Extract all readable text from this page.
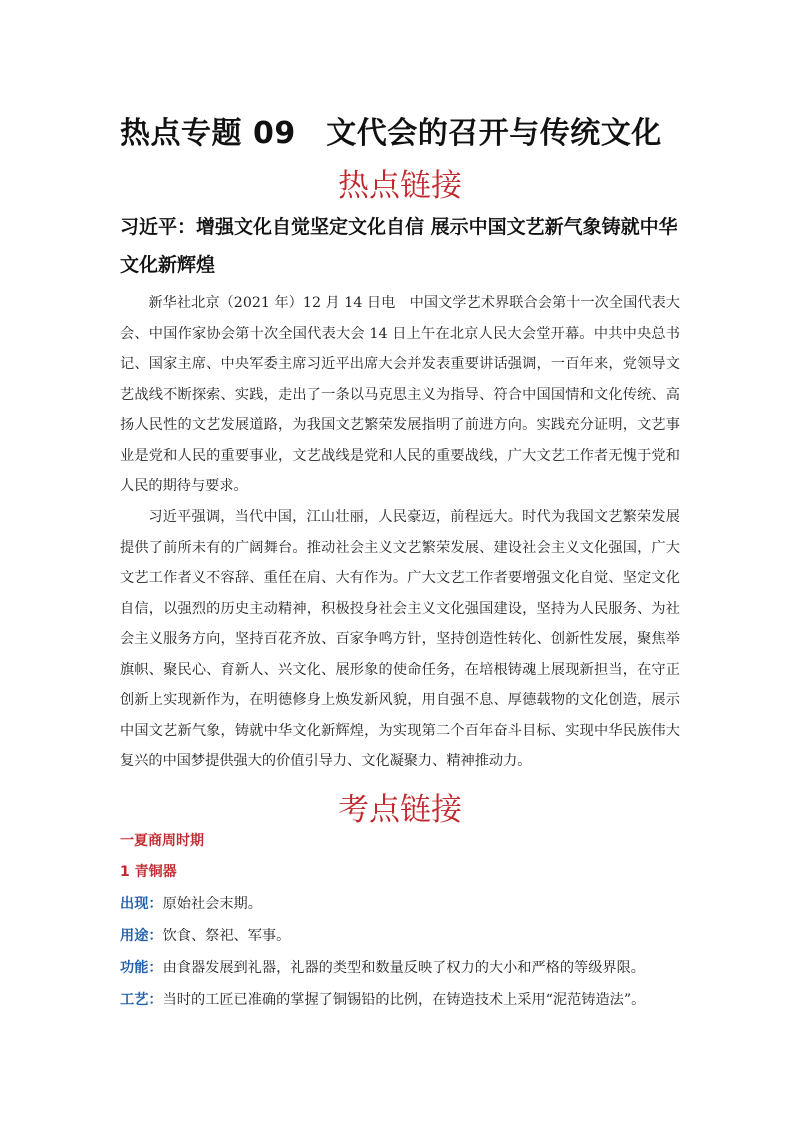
热点专题 09　文代会的召开与传统文化
热点链接
习近平：增强文化自觉坚定文化自信 展示中国文艺新气象铸就中华文化新辉煌
新华社北京（2021 年）12 月 14 日电　中国文学艺术界联合会第十一次全国代表大会、中国作家协会第十次全国代表大会 14 日上午在北京人民大会堂开幕。中共中央总书记、国家主席、中央军委主席习近平出席大会并发表重要讲话强调，一百年来，党领导文艺战线不断探索、实践，走出了一条以马克思主义为指导、符合中国国情和文化传统、高扬人民性的文艺发展道路，为我国文艺繁荣发展指明了前进方向。实践充分证明，文艺事业是党和人民的重要事业，文艺战线是党和人民的重要战线，广大文艺工作者无愧于党和人民的期待与要求。
习近平强调，当代中国，江山壮丽，人民豪迈，前程远大。时代为我国文艺繁荣发展提供了前所未有的广阔舞台。推动社会主义文艺繁荣发展、建设社会主义文化强国，广大文艺工作者义不容辞、重任在肩、大有作为。广大文艺工作者要增强文化自觉、坚定文化自信，以强烈的历史主动精神，积极投身社会主义文化强国建设，坚持为人民服务、为社会主义服务方向，坚持百花齐放、百家争鸣方针，坚持创造性转化、创新性发展，聚焦举旗帜、聚民心、育新人、兴文化、展形象的使命任务，在培根铸魂上展现新担当，在守正创新上实现新作为，在明德修身上焕发新风貌，用自强不息、厚德载物的文化创造，展示中国文艺新气象，铸就中华文化新辉煌，为实现第二个百年奋斗目标、实现中华民族伟大复兴的中国梦提供强大的价值引导力、文化凝聚力、精神推动力。
考点链接
一夏商周时期
1 青铜器
出现：原始社会末期。
用途：饮食、祭祀、军事。
功能：由食器发展到礼器，礼器的类型和数量反映了权力的大小和严格的等级界限。
工艺：当时的工匠已准确的掌握了铜锡铅的比例，在铸造技术上采用“泥范铸造法”。
